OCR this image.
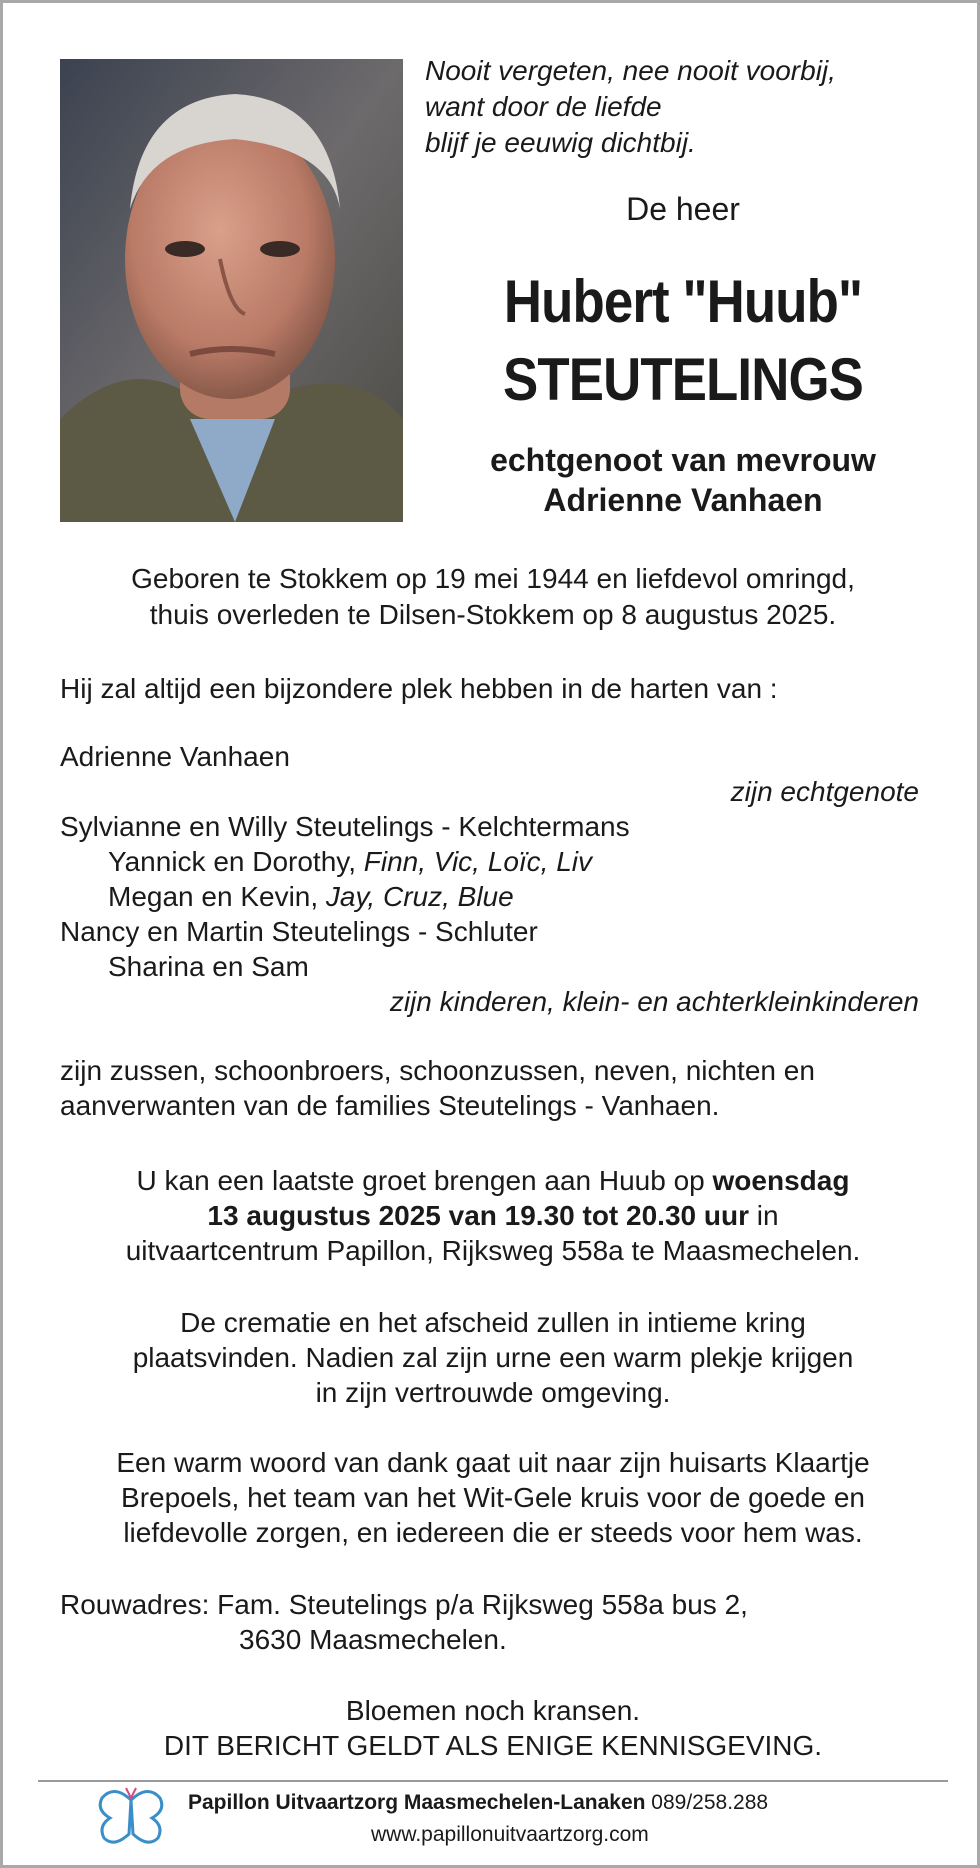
Nooit vergeten, nee nooit voorbij,
want door de liefde
blijf je eeuwig dichtbij.
De heer
Hubert "Huub"
STEUTELINGS
echtgenoot van mevrouw
Adrienne Vanhaen
Geboren te Stokkem op 19 mei 1944 en liefdevol omringd,
thuis overleden te Dilsen-Stokkem op 8 augustus 2025.
Hij zal altijd een bijzondere plek hebben in de harten van :
Adrienne Vanhaen
zijn echtgenote
Sylvianne en Willy Steutelings - Kelchtermans
Yannick en Dorothy, Finn, Vic, Loïc, Liv
Megan en Kevin, Jay, Cruz, Blue
Nancy en Martin Steutelings - Schluter
Sharina en Sam
zijn kinderen, klein- en achterkleinkinderen
zijn zussen, schoonbroers, schoonzussen, neven, nichten en
aanverwanten van de families Steutelings - Vanhaen.
U kan een laatste groet brengen aan Huub op woensdag
13 augustus 2025 van 19.30 tot 20.30 uur in
uitvaartcentrum Papillon, Rijksweg 558a te Maasmechelen.
De crematie en het afscheid zullen in intieme kring
plaatsvinden. Nadien zal zijn urne een warm plekje krijgen
in zijn vertrouwde omgeving.
Een warm woord van dank gaat uit naar zijn huisarts Klaartje
Brepoels, het team van het Wit-Gele kruis voor de goede en
liefdevolle zorgen, en iedereen die er steeds voor hem was.
Rouwadres: Fam. Steutelings p/a Rijksweg 558a bus 2,
3630 Maasmechelen.
Bloemen noch kransen.
DIT BERICHT GELDT ALS ENIGE KENNISGEVING.
Papillon Uitvaartzorg Maasmechelen-Lanaken 089/258.288
www.papillonuitvaartzorg.com
